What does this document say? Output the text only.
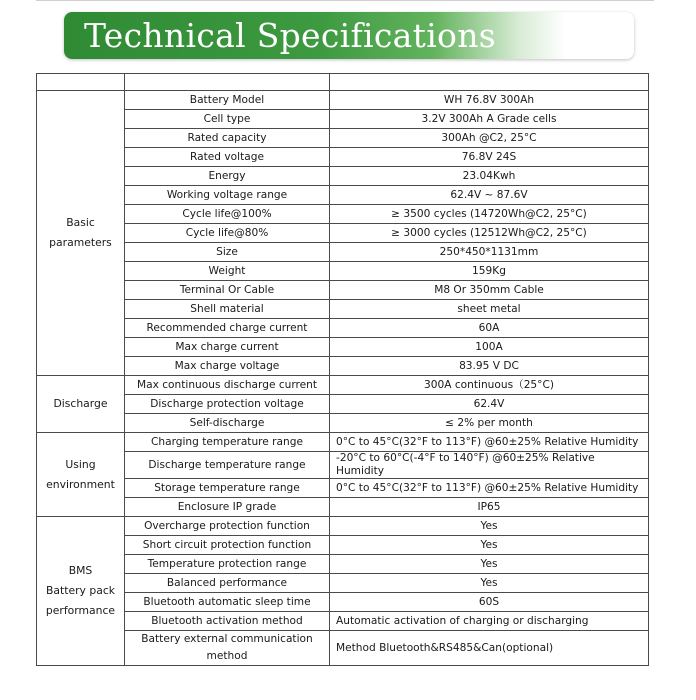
Technical Specifications

Basic
parameters	Battery Model	WH 76.8V 300Ah
	Cell type	3.2V 300Ah A Grade cells
	Rated capacity	300Ah @C2, 25°C
	Rated voltage	76.8V 24S
	Energy	23.04Kwh
	Working voltage range	62.4V ~ 87.6V
	Cycle life@100%	≥ 3500 cycles (14720Wh@C2, 25°C)
	Cycle life@80%	≥ 3000 cycles (12512Wh@C2, 25°C)
	Size	250*450*1131mm
	Weight	159Kg
	Terminal Or Cable	M8 Or 350mm Cable
	Shell material	sheet metal
	Recommended charge current	60A
	Max charge current	100A
	Max charge voltage	83.95 V DC
Discharge	Max continuous discharge current	300A continuous（25°C)
	Discharge protection voltage	62.4V
	Self-discharge	≤ 2% per month
Using
environment	Charging temperature range	0°C to 45°C(32°F to 113°F) @60±25% Relative Humidity
	Discharge temperature range	-20°C to 60°C(-4°F to 140°F) @60±25% Relative Humidity
	Storage temperature range	0°C to 45°C(32°F to 113°F) @60±25% Relative Humidity
	Enclosure IP grade	IP65
BMS
Battery pack
performance	Overcharge protection function	Yes
	Short circuit protection function	Yes
	Temperature protection range	Yes
	Balanced performance	Yes
	Bluetooth automatic sleep time	60S
	Bluetooth activation method	Automatic activation of charging or discharging
	Battery external communication method	Method Bluetooth&RS485&Can(optional)
